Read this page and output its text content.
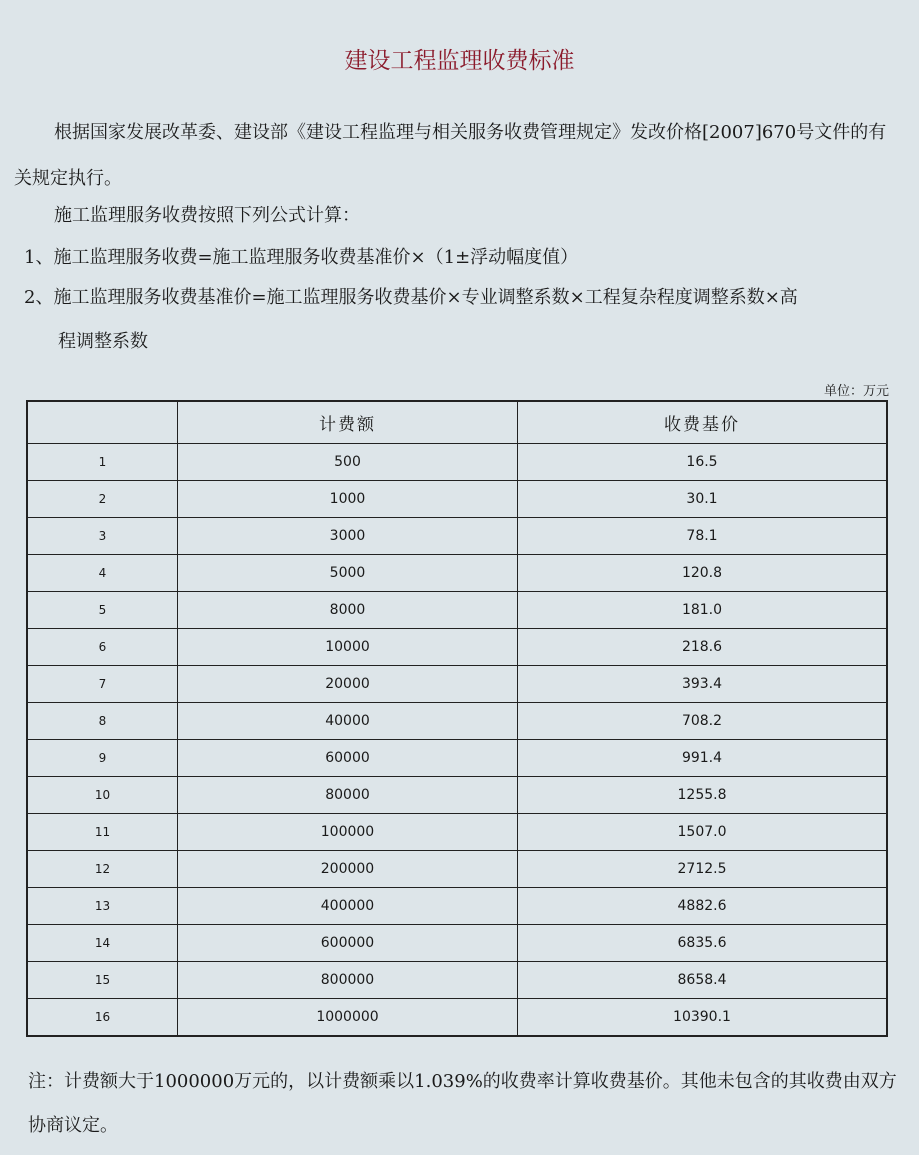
建设工程监理收费标准
根据国家发展改革委、建设部《建设工程监理与相关服务收费管理规定》发改价格[2007]670号文件的有关规定执行。
施工监理服务收费按照下列公式计算：
1、施工监理服务收费=施工监理服务收费基准价×（1±浮动幅度值）
2、施工监理服务收费基准价=施工监理服务收费基价×专业调整系数×工程复杂程度调整系数×高
程调整系数
单位：万元
	计费额	收费基价
1	500	16.5
2	1000	30.1
3	3000	78.1
4	5000	120.8
5	8000	181.0
6	10000	218.6
7	20000	393.4
8	40000	708.2
9	60000	991.4
10	80000	1255.8
11	100000	1507.0
12	200000	2712.5
13	400000	4882.6
14	600000	6835.6
15	800000	8658.4
16	1000000	10390.1
注：计费额大于1000000万元的，以计费额乘以1.039%的收费率计算收费基价。其他未包含的其收费由双方协商议定。
